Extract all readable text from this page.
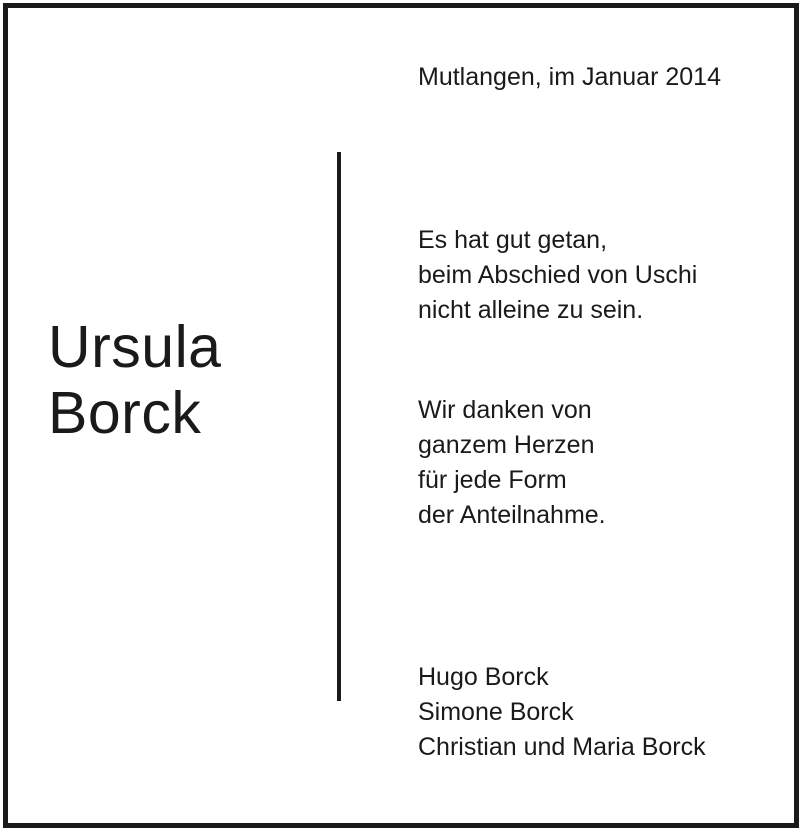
Mutlangen, im Januar 2014
Ursula
Borck
Es hat gut getan,
beim Abschied von Uschi
nicht alleine zu sein.
Wir danken von
ganzem Herzen
für jede Form
der Anteilnahme.
Hugo Borck
Simone Borck
Christian und Maria Borck
